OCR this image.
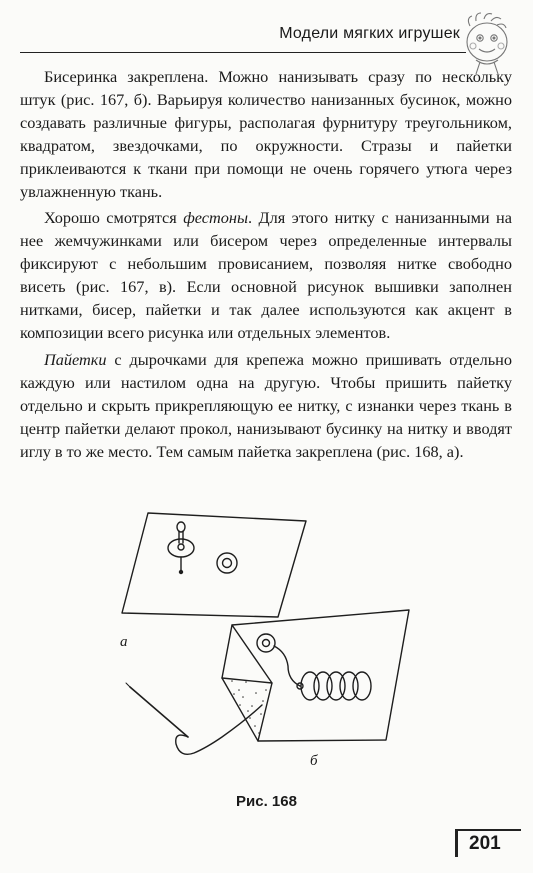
Модели мягких игрушек

Бисеринка закреплена. Можно нанизывать сразу по нескольку штук (рис. 167, б). Варьируя количество нанизанных бусинок, можно создавать различные фигуры, располагая фурнитуру треугольником, квадратом, звездочками, по окружности. Стразы и пайетки приклеиваются к ткани при помощи не очень горячего утюга через увлажненную ткань.

Хорошо смотрятся фестоны. Для этого нитку с нанизанными на нее жемчужинками или бисером через определенные интервалы фиксируют с небольшим провисанием, позволяя нитке свободно висеть (рис. 167, в). Если основной рисунок вышивки заполнен нитками, бисер, пайетки и так далее используются как акцент в композиции всего рисунка или отдельных элементов.

Пайетки с дырочками для крепежа можно пришивать отдельно каждую или настилом одна на другую. Чтобы пришить пайетку отдельно и скрыть прикрепляющую ее нитку, с изнанки через ткань в центр пайетки делают прокол, нанизывают бусинку на нитку и вводят иглу в то же место. Тем самым пайетка закреплена (рис. 168, а).

а
б
Рис. 168
201
